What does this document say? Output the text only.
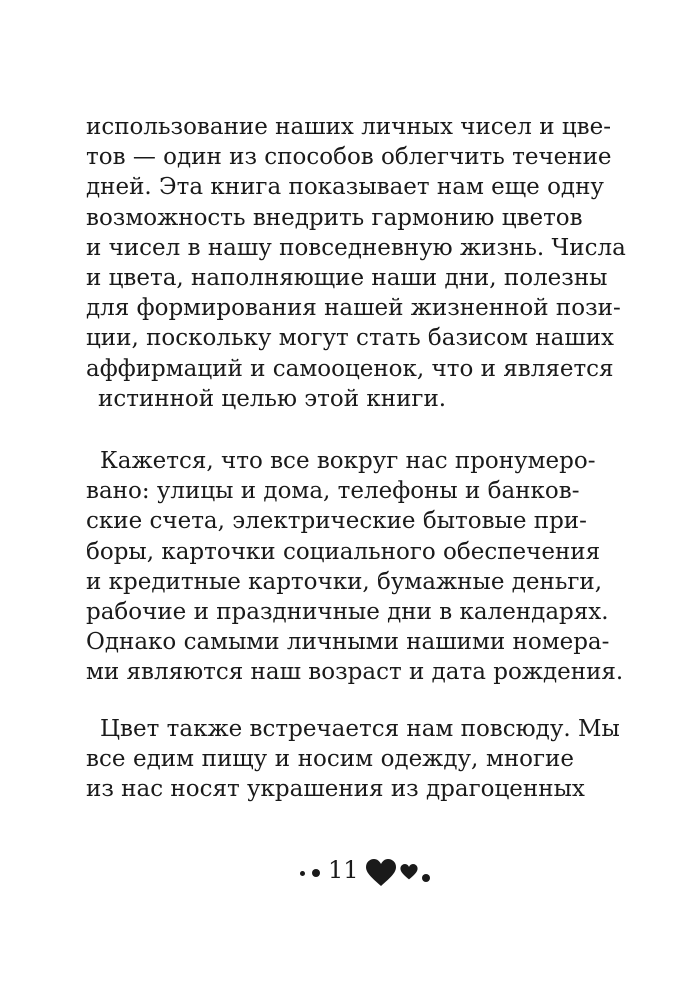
использование наших личных чисел и цве-
тов — один из способов облегчить течение
дней. Эта книга показывает нам еще одну
возможность внедрить гармонию цветов
и чисел в нашу повседневную жизнь. Числа
и цвета, наполняющие наши дни, полезны
для формирования нашей жизненной пози-
ции, поскольку могут стать базисом наших
аффирмаций и самооценок, что и является
истинной целью этой книги.
Кажется, что все вокруг нас пронумеро-
вано: улицы и дома, телефоны и банков-
ские счета, электрические бытовые при-
боры, карточки социального обеспечения
и кредитные карточки, бумажные деньги,
рабочие и праздничные дни в календарях.
Однако самыми личными нашими номера-
ми являются наш возраст и дата рождения.
Цвет также встречается нам повсюду. Мы
все едим пищу и носим одежду, многие
из нас носят украшения из драгоценных
11
